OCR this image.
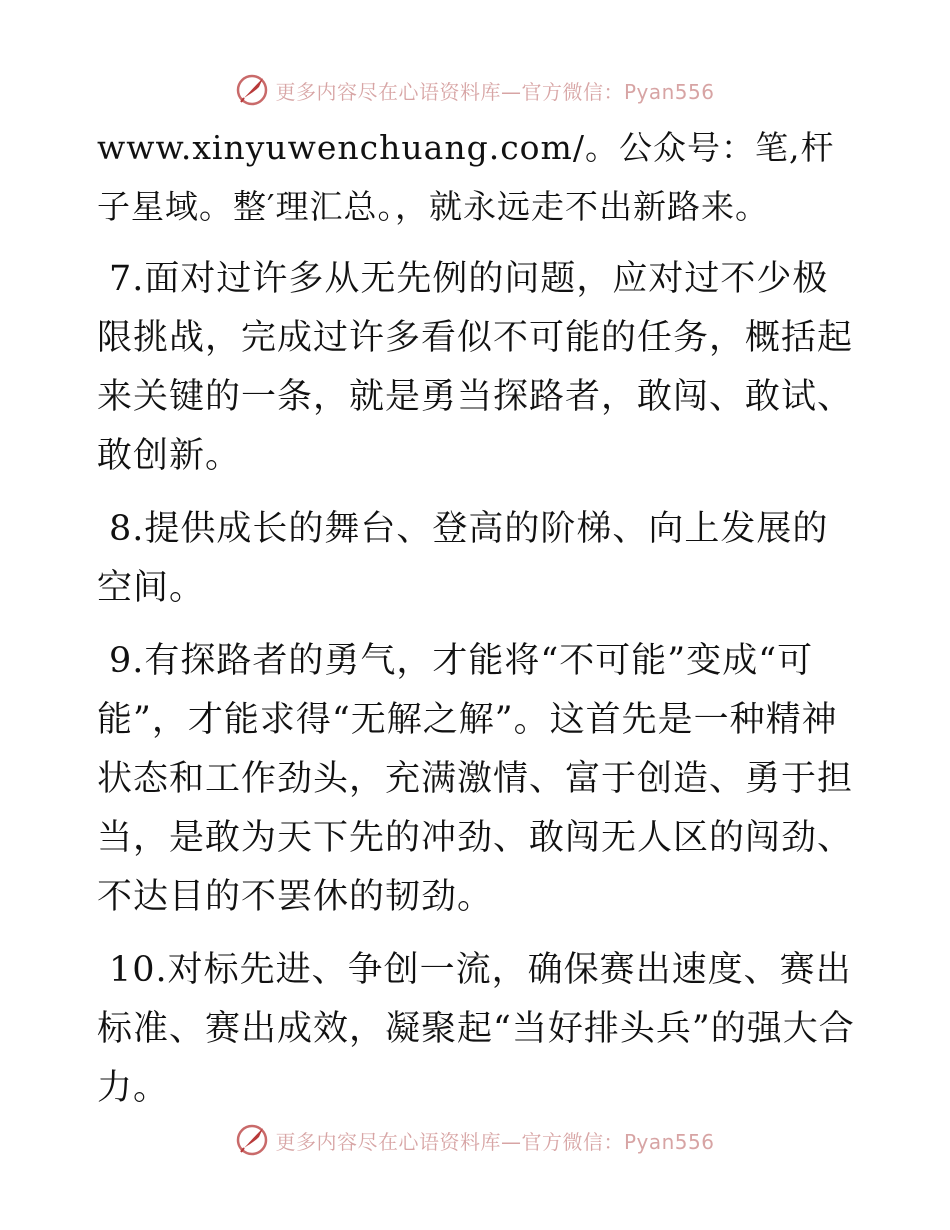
更多内容尽在心语资料库—官方微信：Pyan556

www.xinyuwenchuang.com/。公众号：笔,杆子星域。整′理汇总。，就永远走不出新路来。

7.面对过许多从无先例的问题，应对过不少极限挑战，完成过许多看似不可能的任务，概括起来关键的一条，就是勇当探路者，敢闯、敢试、敢创新。

8.提供成长的舞台、登高的阶梯、向上发展的空间。

9.有探路者的勇气，才能将“不可能”变成“可能”，才能求得“无解之解”。这首先是一种精神状态和工作劲头，充满激情、富于创造、勇于担当，是敢为天下先的冲劲、敢闯无人区的闯劲、不达目的不罢休的韧劲。

10.对标先进、争创一流，确保赛出速度、赛出标准、赛出成效，凝聚起“当好排头兵”的强大合力。

更多内容尽在心语资料库—官方微信：Pyan556
